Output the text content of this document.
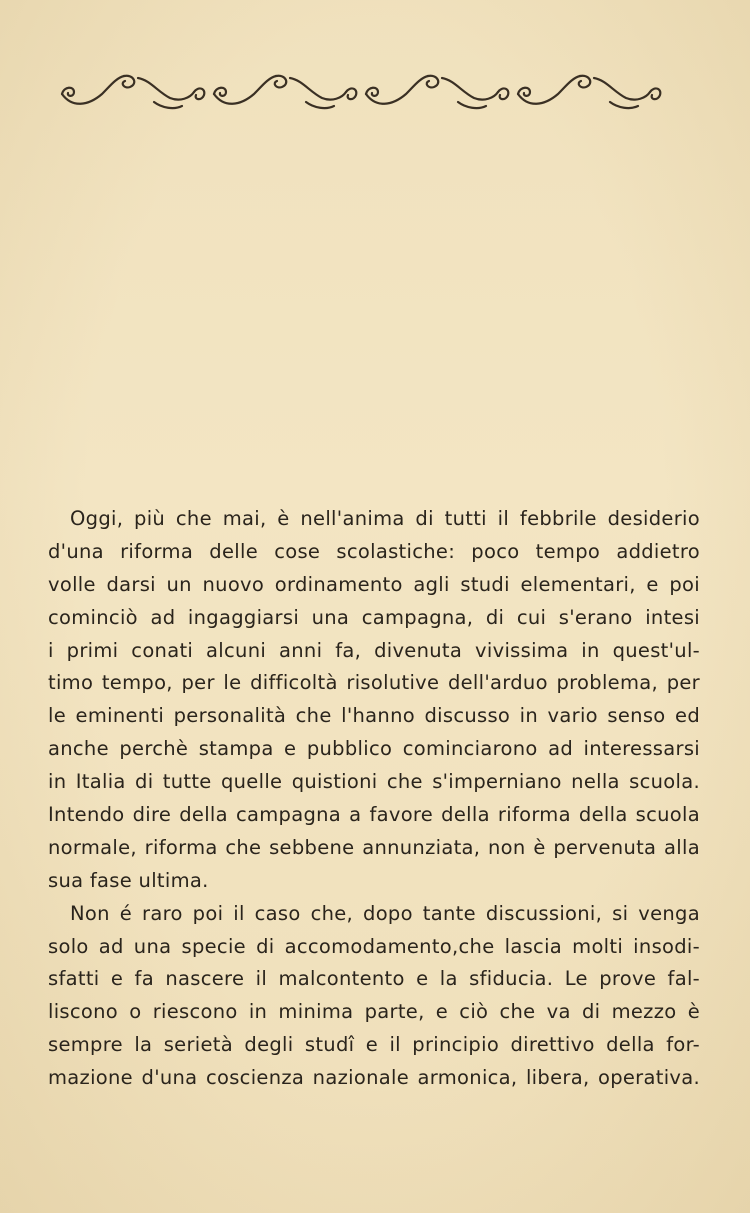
Oggi, più che mai, è nell'anima di tutti il febbrile desiderio
d'una riforma delle cose scolastiche: poco tempo addietro
volle darsi un nuovo ordinamento agli studi elementari, e poi
cominciò ad ingaggiarsi una campagna, di cui s'erano intesi
i primi conati alcuni anni fa, divenuta vivissima in quest'ul-
timo tempo, per le difficoltà risolutive dell'arduo problema, per
le eminenti personalità che l'hanno discusso in vario senso ed
anche perchè stampa e pubblico cominciarono ad interessarsi
in Italia di tutte quelle quistioni che s'imperniano nella scuola.
Intendo dire della campagna a favore della riforma della scuola
normale, riforma che sebbene annunziata, non è pervenuta alla
sua fase ultima.
Non é raro poi il caso che, dopo tante discussioni, si venga
solo ad una specie di accomodamento,che lascia molti insodi-
sfatti e fa nascere il malcontento e la sfiducia. Le prove fal-
liscono o riescono in minima parte, e ciò che va di mezzo è
sempre la serietà degli studî e il principio direttivo della for-
mazione d'una coscienza nazionale armonica, libera, operativa.
